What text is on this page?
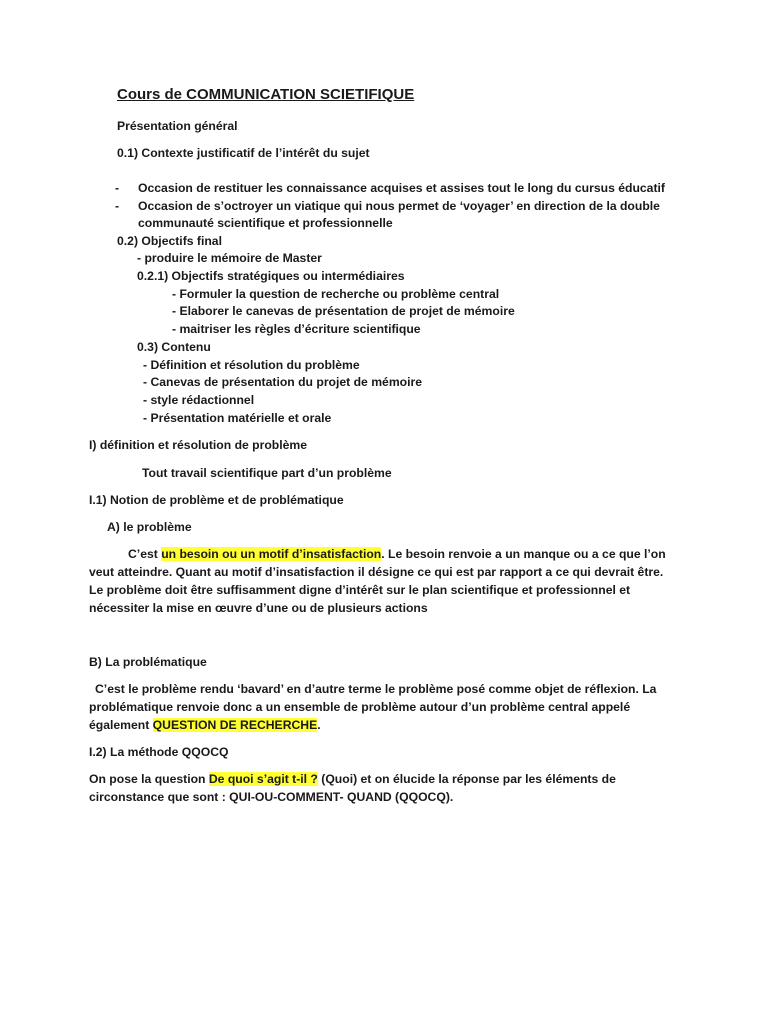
Cours de COMMUNICATION SCIETIFIQUE
Présentation général
0.1) Contexte justificatif de l’intérêt du sujet
- Occasion de restituer les connaissance acquises et assises tout le long du cursus éducatif
- Occasion de s’octroyer un viatique qui nous permet de ‘voyager’ en direction de la double
communauté scientifique et professionnelle
0.2) Objectifs final
- produire le mémoire de Master
0.2.1) Objectifs stratégiques ou intermédiaires
- Formuler la question de recherche ou problème central
- Elaborer le canevas de présentation de projet de mémoire
- maitriser les règles d’écriture scientifique
0.3) Contenu
- Définition et résolution du problème
- Canevas de présentation du projet de mémoire
- style rédactionnel
- Présentation matérielle et orale
I) définition et résolution de problème
Tout travail scientifique part d’un problème
I.1) Notion de problème et de problématique
A) le problème
C’est un besoin ou un motif d’insatisfaction. Le besoin renvoie a un manque ou a ce que l’on
veut atteindre. Quant au motif d’insatisfaction il désigne ce qui est par rapport a ce qui devrait être.
Le problème doit être suffisamment digne d’intérêt sur le plan scientifique et professionnel et
nécessiter la mise en œuvre d’une ou de plusieurs actions
B) La problématique
C’est le problème rendu ‘bavard’ en d’autre terme le problème posé comme objet de réflexion. La
problématique renvoie donc a un ensemble de problème autour d’un problème central appelé
également QUESTION DE RECHERCHE.
I.2) La méthode QQOCQ
On pose la question De quoi s’agit t-il ? (Quoi) et on élucide la réponse par les éléments de
circonstance que sont : QUI-OU-COMMENT- QUAND (QQOCQ).
